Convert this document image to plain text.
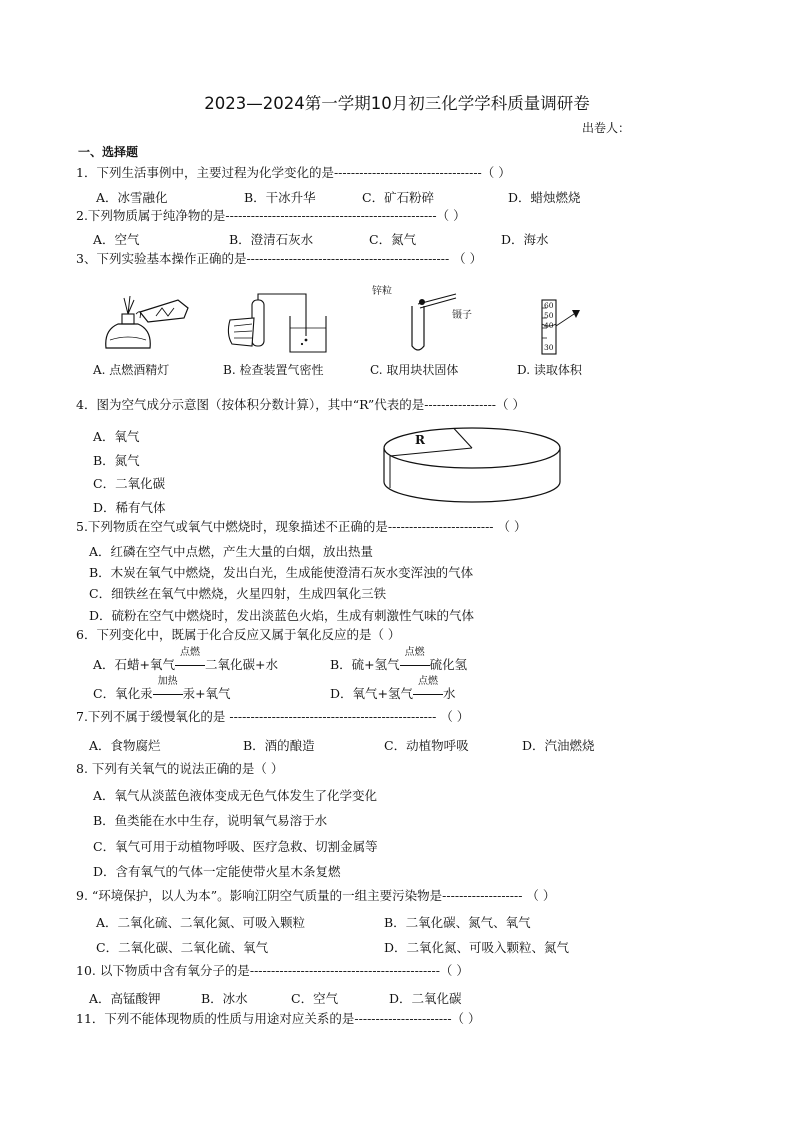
2023—2024第一学期10月初三化学学科质量调研卷
出卷人：
一、选择题
1．下列生活事例中，主要过程为化学变化的是-----------------------------------（ ）
A．冰雪融化	B．干冰升华	C．矿石粉碎	D．蜡烛燃烧
2.下列物质属于纯净物的是--------------------------------------------------（ ）
A．空气	B．澄清石灰水	C．氮气	D．海水
3、下列实验基本操作正确的是------------------------------------------------ （ ）
锌粒
镊子
60
50
40
30
A. 点燃酒精灯	B. 检查装置气密性	C. 取用块状固体	D. 读取体积
4．图为空气成分示意图（按体积分数计算），其中“R”代表的是-----------------（ ）
A．氧气
B．氮气
C．二氧化碳
D．稀有气体
R
5.下列物质在空气或氧气中燃烧时，现象描述不正确的是------------------------- （ ）
A．红磷在空气中点燃，产生大量的白烟，放出热量
B．木炭在氧气中燃烧，发出白光，生成能使澄清石灰水变浑浊的气体
C．细铁丝在氧气中燃烧，火星四射，生成四氧化三铁
D．硫粉在空气中燃烧时，发出淡蓝色火焰，生成有刺激性气味的气体
6．下列变化中，既属于化合反应又属于氧化反应的是（ ）
A．石蜡+氧气
点燃
二氧化碳+水	B．硫+氢气
点燃
硫化氢
C．氧化汞
加热
汞+氧气	D．氧气+氢气
点燃
水
7.下列不属于缓慢氧化的是 ------------------------------------------------- （ ）
A．食物腐烂	B．酒的酿造	C．动植物呼吸	D．汽油燃烧
8. 下列有关氧气的说法正确的是（ ）
A．氧气从淡蓝色液体变成无色气体发生了化学变化
B．鱼类能在水中生存，说明氧气易溶于水
C．氧气可用于动植物呼吸、医疗急救、切割金属等
D．含有氧气的气体一定能使带火星木条复燃
9. “环境保护，以人为本”。影响江阴空气质量的一组主要污染物是------------------- （ ）
A．二氧化硫、二氧化氮、可吸入颗粒	B．二氧化碳、氮气、氧气
C．二氧化碳、二氧化硫、氧气	D．二氧化氮、可吸入颗粒、氮气
10. 以下物质中含有氧分子的是---------------------------------------------（ ）
A．高锰酸钾	B．冰水	C．空气	D．二氧化碳
11．下列不能体现物质的性质与用途对应关系的是-----------------------（ ）
